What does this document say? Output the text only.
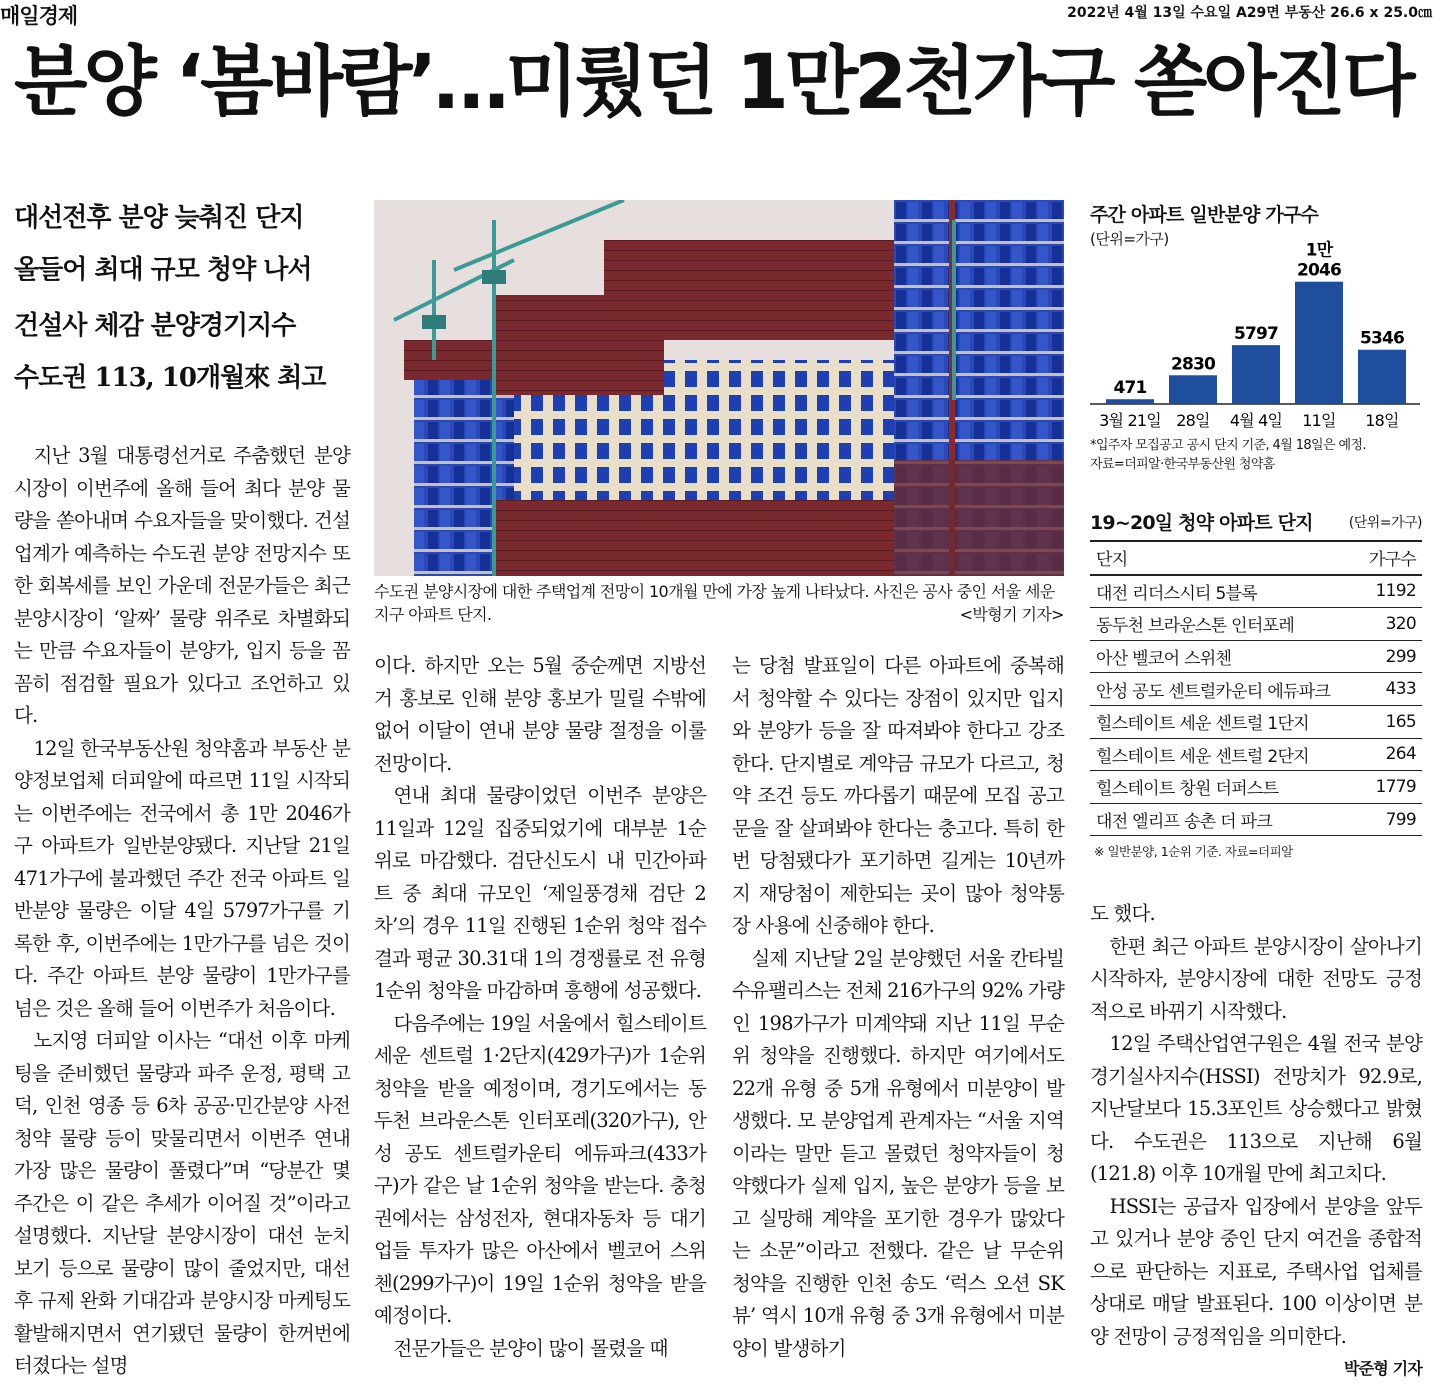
매일경제	2022년 4월 13일 수요일 A29면 부동산 26.6 x 25.0㎝
분양 ‘봄바람’…미뤘던 1만2천가구 쏟아진다
대선전후 분양 늦춰진 단지
올들어 최대 규모 청약 나서
건설사 체감 분양경기지수
수도권 113, 10개월來 최고
수도권 분양시장에 대한 주택업계 전망이 10개월 만에 가장 높게 나타났다. 사진은 공사 중인 서울 세운지구 아파트 단지.	<박형기 기자>

지난 3월 대통령선거로 주춤했던 분양시장이 이번주에 올해 들어 최다 분양 물량을 쏟아내며 수요자들을 맞이했다. 건설업계가 예측하는 수도권 분양 전망지수 또한 회복세를 보인 가운데 전문가들은 최근 분양시장이 ‘알짜’ 물량 위주로 차별화되는 만큼 수요자들이 분양가, 입지 등을 꼼꼼히 점검할 필요가 있다고 조언하고 있다.

12일 한국부동산원 청약홈과 부동산 분양정보업체 더피알에 따르면 11일 시작되는 이번주에는 전국에서 총 1만 2046가구 아파트가 일반분양됐다. 지난달 21일 471가구에 불과했던 주간 전국 아파트 일반분양 물량은 이달 4일 5797가구를 기록한 후, 이번주에는 1만가구를 넘은 것이다. 주간 아파트 분양 물량이 1만가구를 넘은 것은 올해 들어 이번주가 처음이다.

노지영 더피알 이사는 “대선 이후 마케팅을 준비했던 물량과 파주 운정, 평택 고덕, 인천 영종 등 6차 공공·민간분양 사전청약 물량 등이 맞물리면서 이번주 연내 가장 많은 물량이 풀렸다”며 “당분간 몇 주간은 이 같은 추세가 이어질 것”이라고 설명했다. 지난달 분양시장이 대선 눈치 보기 등으로 물량이 많이 줄었지만, 대선 후 규제 완화 기대감과 분양시장 마케팅도 활발해지면서 연기됐던 물량이 한꺼번에 터졌다는 설명

이다. 하지만 오는 5월 중순께면 지방선거 홍보로 인해 분양 홍보가 밀릴 수밖에 없어 이달이 연내 분양 물량 절정을 이룰 전망이다.

연내 최대 물량이었던 이번주 분양은 11일과 12일 집중되었기에 대부분 1순위로 마감했다. 검단신도시 내 민간아파트 중 최대 규모인 ‘제일풍경채 검단 2차’의 경우 11일 진행된 1순위 청약 접수 결과 평균 30.31대 1의 경쟁률로 전 유형 1순위 청약을 마감하며 흥행에 성공했다.

다음주에는 19일 서울에서 힐스테이트 세운 센트럴 1·2단지(429가구)가 1순위 청약을 받을 예정이며, 경기도에서는 동두천 브라운스톤 인터포레(320가구), 안성 공도 센트럴카운티 에듀파크(433가구)가 같은 날 1순위 청약을 받는다. 충청권에서는 삼성전자, 현대자동차 등 대기업들 투자가 많은 아산에서 벨코어 스위첸(299가구)이 19일 1순위 청약을 받을 예정이다.

전문가들은 분양이 많이 몰렸을 때

는 당첨 발표일이 다른 아파트에 중복해서 청약할 수 있다는 장점이 있지만 입지와 분양가 등을 잘 따져봐야 한다고 강조한다. 단지별로 계약금 규모가 다르고, 청약 조건 등도 까다롭기 때문에 모집 공고문을 잘 살펴봐야 한다는 충고다. 특히 한 번 당첨됐다가 포기하면 길게는 10년까지 재당첨이 제한되는 곳이 많아 청약통장 사용에 신중해야 한다.

실제 지난달 2일 분양했던 서울 칸타빌 수유팰리스는 전체 216가구의 92% 가량인 198가구가 미계약돼 지난 11일 무순위 청약을 진행했다. 하지만 여기에서도 22개 유형 중 5개 유형에서 미분양이 발생했다. 모 분양업계 관계자는 “서울 지역이라는 말만 듣고 몰렸던 청약자들이 청약했다가 실제 입지, 높은 분양가 등을 보고 실망해 계약을 포기한 경우가 많았다는 소문”이라고 전했다. 같은 날 무순위 청약을 진행한 인천 송도 ‘럭스 오션 SK뷰’ 역시 10개 유형 중 3개 유형에서 미분양이 발생하기

도 했다.

한편 최근 아파트 분양시장이 살아나기 시작하자, 분양시장에 대한 전망도 긍정적으로 바뀌기 시작했다.

12일 주택산업연구원은 4월 전국 분양경기실사지수(HSSI) 전망치가 92.9로, 지난달보다 15.3포인트 상승했다고 밝혔다. 수도권은 113으로 지난해 6월(121.8) 이후 10개월 만에 최고치다.

HSSI는 공급자 입장에서 분양을 앞두고 있거나 분양 중인 단지 여건을 종합적으로 판단하는 지표로, 주택사업 업체를 상대로 매달 발표된다. 100 이상이면 분양 전망이 긍정적임을 의미한다.
박준형 기자

주간 아파트 일반분양 가구수
(단위=가구)
471
3월 21일
2830
28일
5797
4월 4일
1만
2046
11일
5346
18일
*입주자 모집공고 공시 단지 기준, 4월 18일은 예정.
자료=더피알·한국부동산원 청약홈
19~20일 청약 아파트 단지	(단위=가구)
단지	가구수
대전 리더스시티 5블록	1192
동두천 브라운스톤 인터포레	320
아산 벨코어 스위첸	299
안성 공도 센트럴카운티 에듀파크	433
힐스테이트 세운 센트럴 1단지	165
힐스테이트 세운 센트럴 2단지	264
힐스테이트 창원 더퍼스트	1779
대전 엘리프 송촌 더 파크	799
※ 일반분양, 1순위 기준. 자료=더피알
